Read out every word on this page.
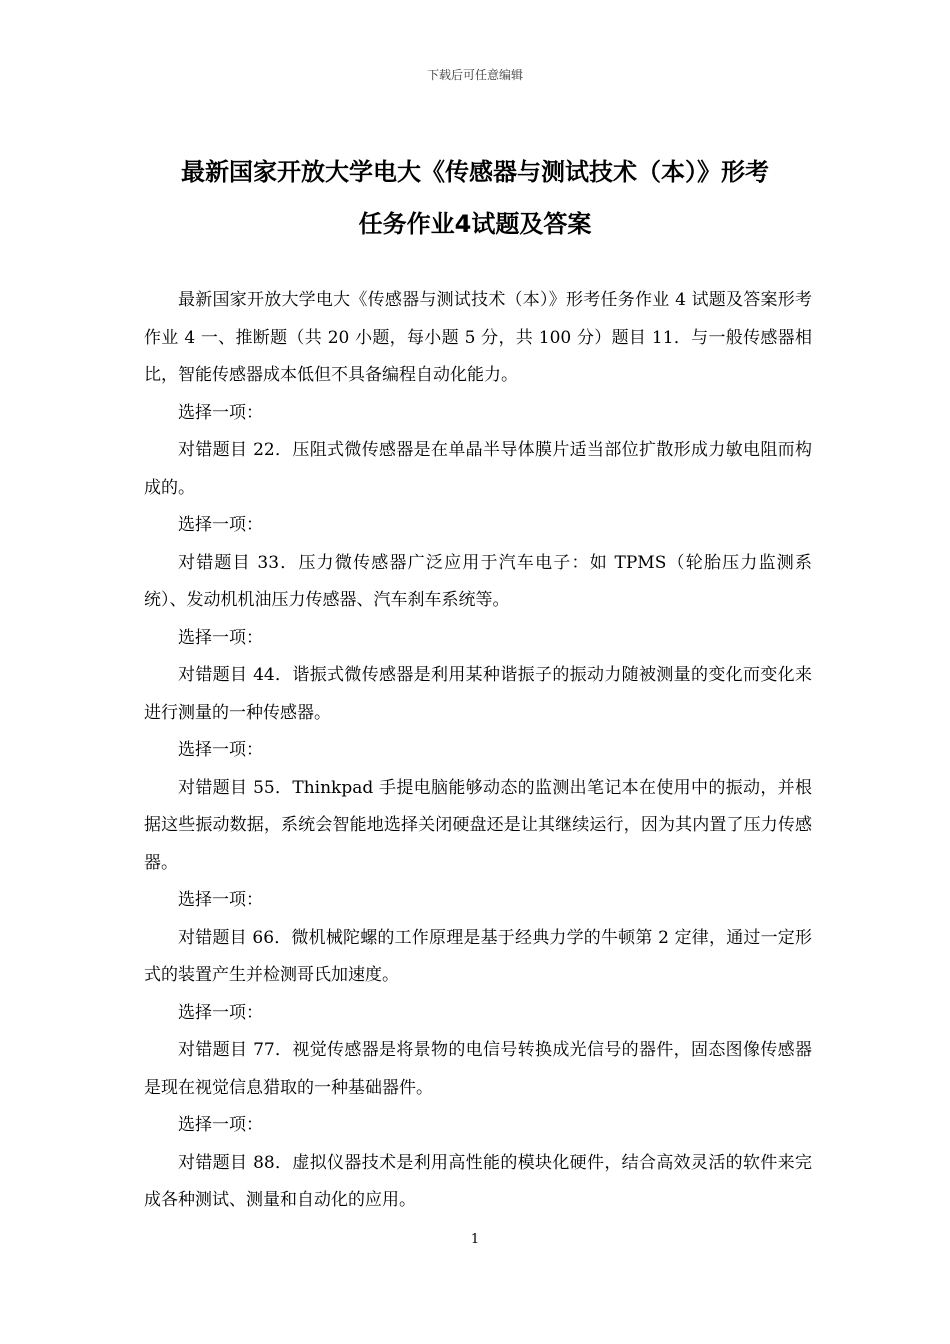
下载后可任意编辑
最新国家开放大学电大《传感器与测试技术（本）》形考
任务作业4试题及答案

最新国家开放大学电大《传感器与测试技术（本）》形考任务作业 4 试题及答案形考作业 4 一、推断题（共 20 小题，每小题 5 分，共 100 分）题目 11．与一般传感器相比，智能传感器成本低但不具备编程自动化能力。

选择一项：

对错题目 22．压阻式微传感器是在单晶半导体膜片适当部位扩散形成力敏电阻而构成的。

选择一项：

对错题目 33．压力微传感器广泛应用于汽车电子：如 TPMS（轮胎压力监测系统）、发动机机油压力传感器、汽车刹车系统等。

选择一项：

对错题目 44．谐振式微传感器是利用某种谐振子的振动力随被测量的变化而变化来进行测量的一种传感器。

选择一项：

对错题目 55．Thinkpad 手提电脑能够动态的监测出笔记本在使用中的振动，并根据这些振动数据，系统会智能地选择关闭硬盘还是让其继续运行，因为其内置了压力传感器。

选择一项：

对错题目 66．微机械陀螺的工作原理是基于经典力学的牛顿第 2 定律，通过一定形式的装置产生并检测哥氏加速度。

选择一项：

对错题目 77．视觉传感器是将景物的电信号转换成光信号的器件，固态图像传感器是现在视觉信息猎取的一种基础器件。

选择一项：

对错题目 88．虚拟仪器技术是利用高性能的模块化硬件，结合高效灵活的软件来完成各种测试、测量和自动化的应用。

1
